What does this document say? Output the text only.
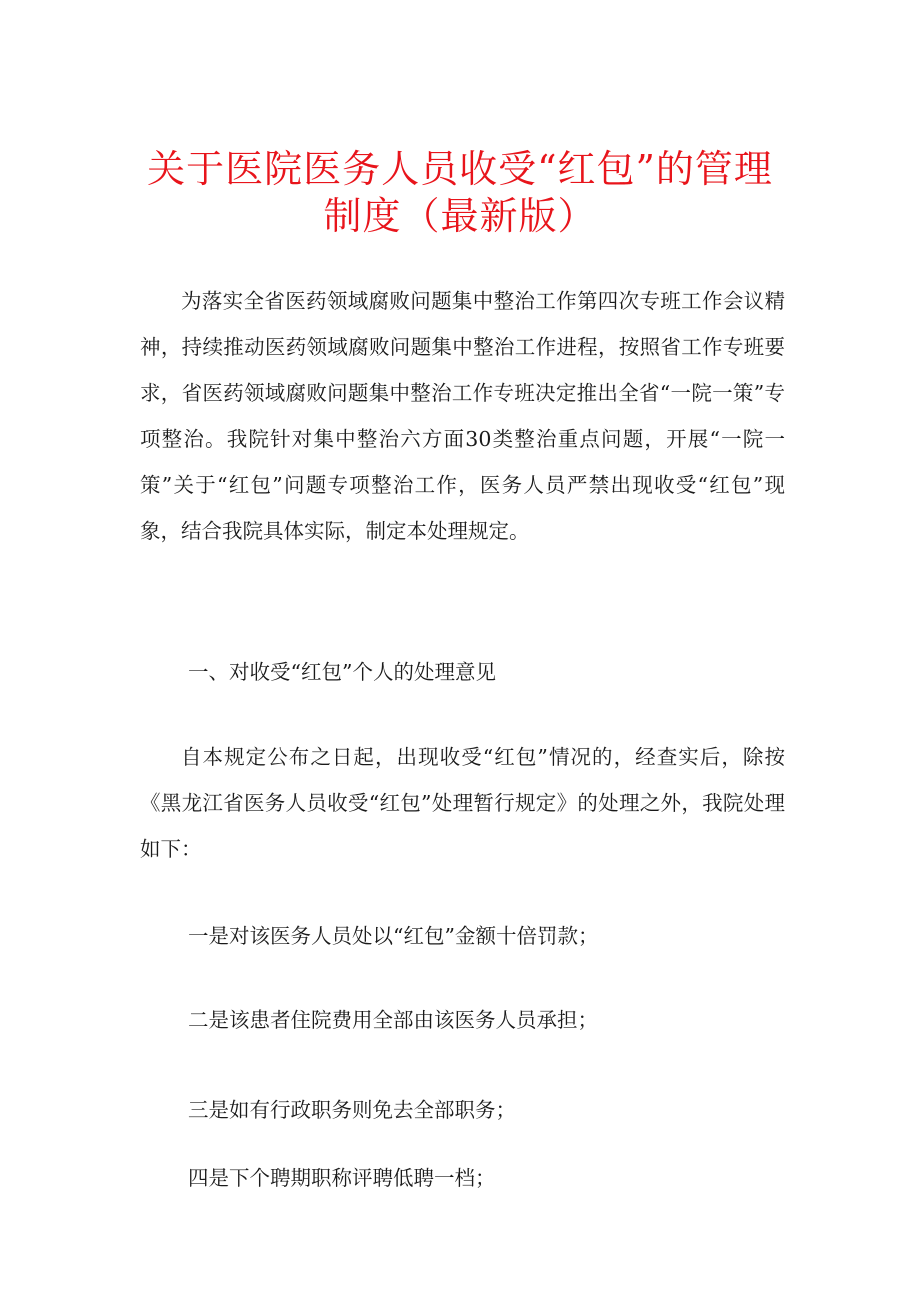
关于医院医务人员收受“红包”的管理
制度（最新版）

为落实全省医药领域腐败问题集中整治工作第四次专班工作会议精神，持续推动医药领域腐败问题集中整治工作进程，按照省工作专班要求，省医药领域腐败问题集中整治工作专班决定推出全省“一院一策”专项整治。我院针对集中整治六方面30类整治重点问题，开展“一院一策”关于“红包”问题专项整治工作，医务人员严禁出现收受“红包”现象，结合我院具体实际，制定本处理规定。

一、对收受“红包”个人的处理意见

自本规定公布之日起，出现收受“红包”情况的，经查实后，除按《黑龙江省医务人员收受“红包”处理暂行规定》的处理之外，我院处理如下：

一是对该医务人员处以“红包”金额十倍罚款；

二是该患者住院费用全部由该医务人员承担；

三是如有行政职务则免去全部职务；

四是下个聘期职称评聘低聘一档；
